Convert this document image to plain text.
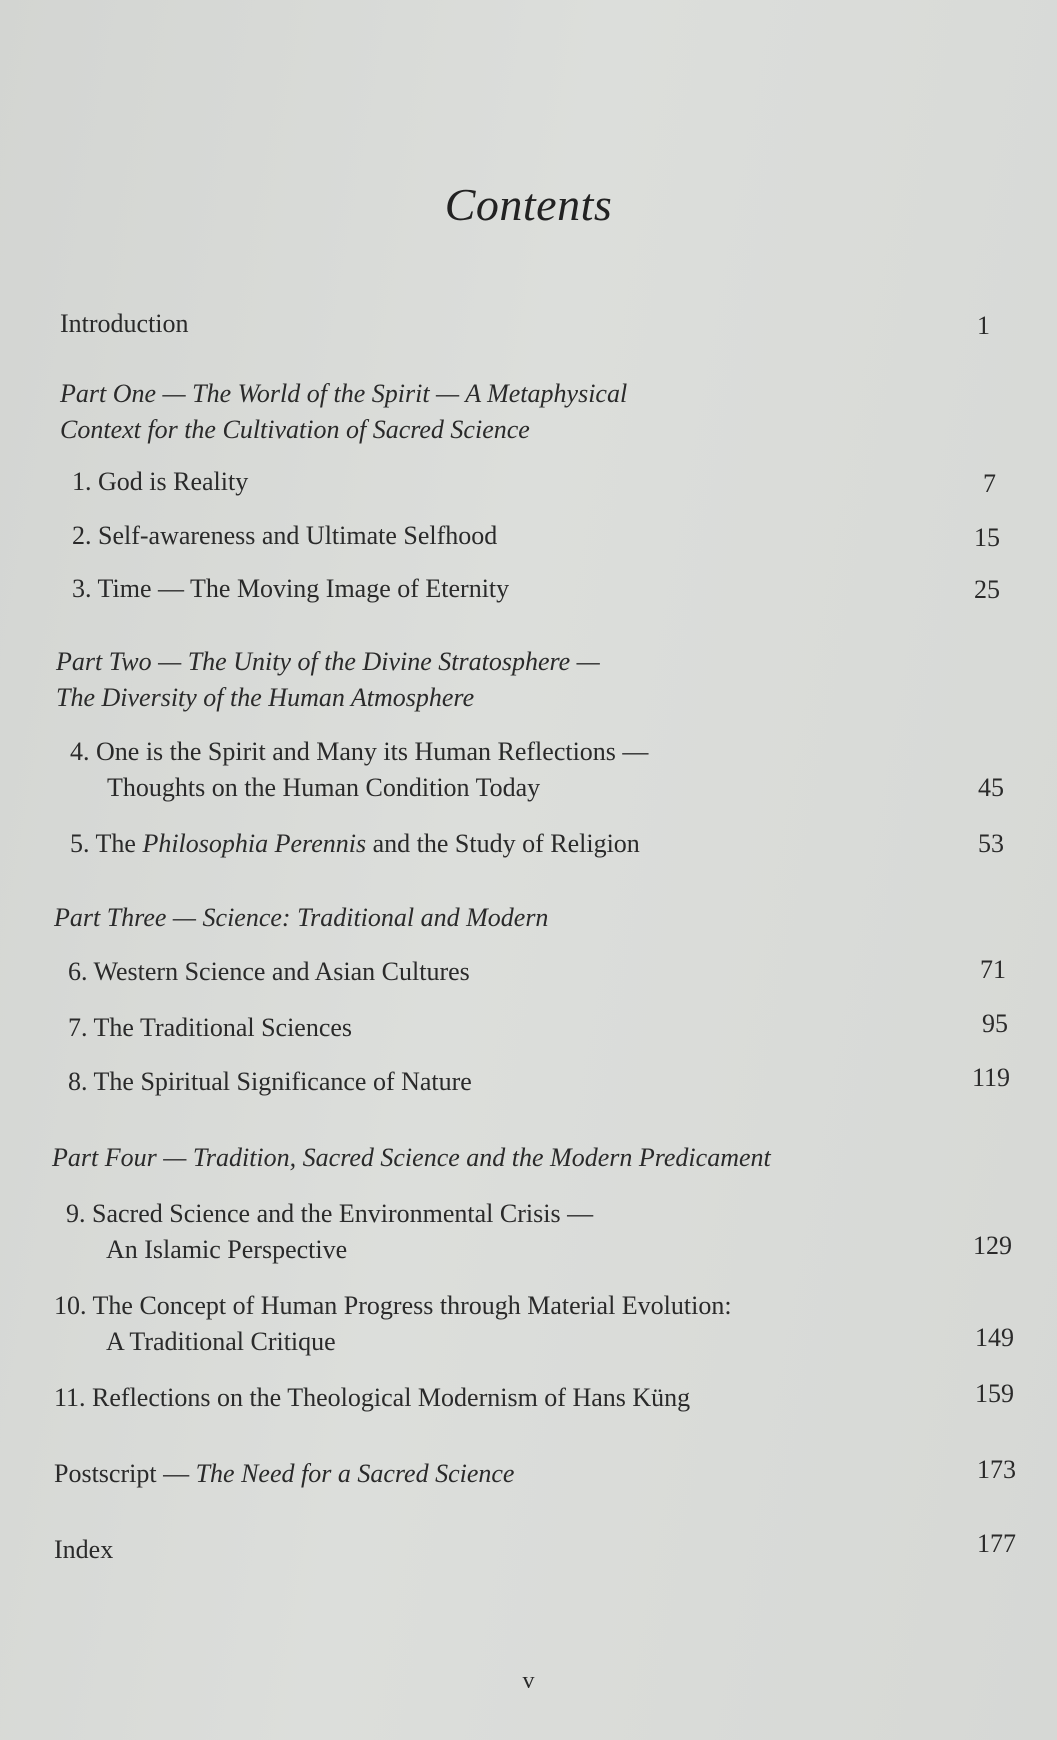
Contents
Introduction	1
Part One — The World of the Spirit — A Metaphysical
Context for the Cultivation of Sacred Science
1. God is Reality	7
2. Self-awareness and Ultimate Selfhood	15
3. Time — The Moving Image of Eternity	25
Part Two — The Unity of the Divine Stratosphere —
The Diversity of the Human Atmosphere
4. One is the Spirit and Many its Human Reflections —
Thoughts on the Human Condition Today	45
5. The Philosophia Perennis and the Study of Religion	53
Part Three — Science: Traditional and Modern
6. Western Science and Asian Cultures	71
7. The Traditional Sciences	95
8. The Spiritual Significance of Nature	119
Part Four — Tradition, Sacred Science and the Modern Predicament
9. Sacred Science and the Environmental Crisis —
An Islamic Perspective	129
10. The Concept of Human Progress through Material Evolution:
A Traditional Critique	149
11. Reflections on the Theological Modernism of Hans Küng	159
Postscript — The Need for a Sacred Science	173
Index	177
v
